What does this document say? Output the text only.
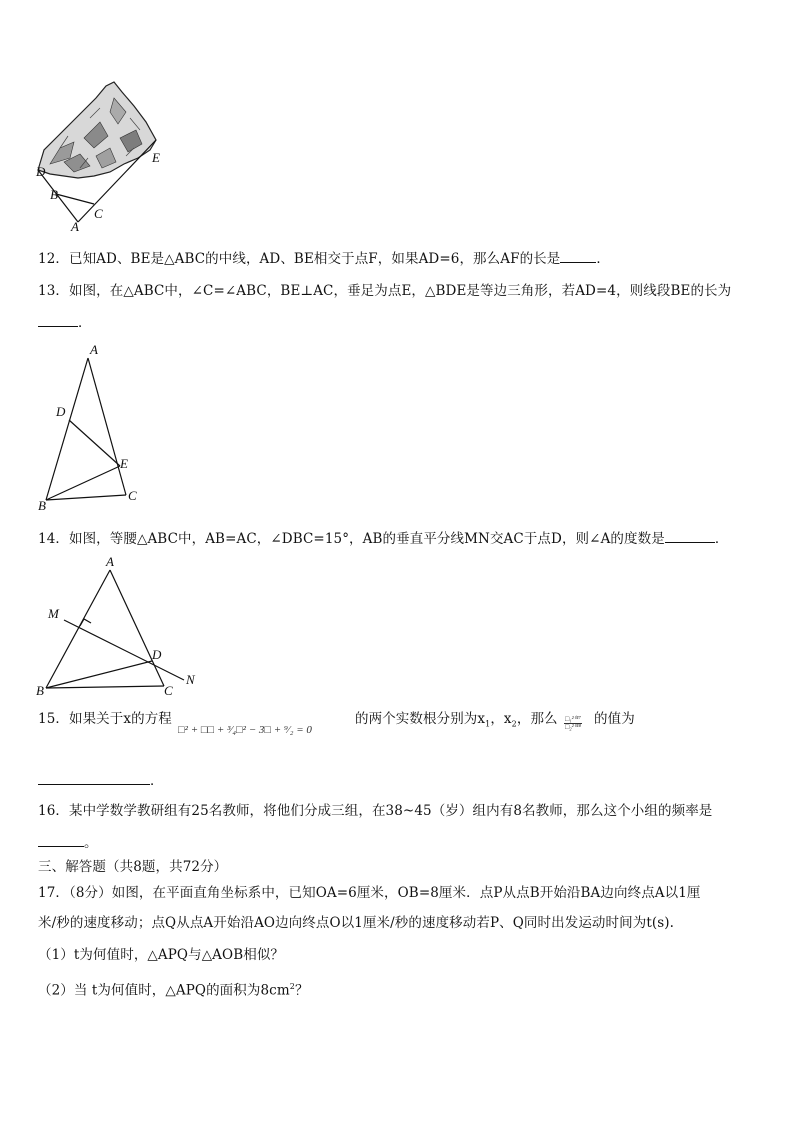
D
E
B
C
A
12．已知AD、BE是△ABC的中线，AD、BE相交于点F，如果AD=6，那么AF的长是	．
13．如图，在△ABC中，∠C=∠ABC，BE⊥AC，垂足为点E，△BDE是等边三角形，若AD=4，则线段BE的长为
．
A
D
E
B
C
14．如图，等腰△ABC中，AB=AC，∠DBC=15°，AB的垂直平分线MN交AC于点D，则∠A的度数是	．
A
M
D
B	C
N
15．如果关于x的方程
□² + □□ + ³⁄₄□² − 3□ + ⁹⁄₂ = 0
的两个实数根分别为$x_1$，$x_2$，那么 $\frac{\text{□₁²⁰¹⁷}}{\text{□₂²⁰¹⁸}}$ 的值为
．
16．某中学数学教研组有25名教师，将他们分成三组，在38~45（岁）组内有8名教师，那么这个小组的频率是
。
三、解答题（共8题，共72分）
17．（8分）如图，在平面直角坐标系中，已知OA=6厘米，OB=8厘米．点P从点B开始沿BA边向终点A以1厘
米/秒的速度移动；点Q从点A开始沿AO边向终点O以1厘米/秒的速度移动若P、Q同时出发运动时间为t(s).
（1）t为何值时，△APQ与△AOB相似？
（2）当 t为何值时，△APQ的面积为$8cm^2$？
